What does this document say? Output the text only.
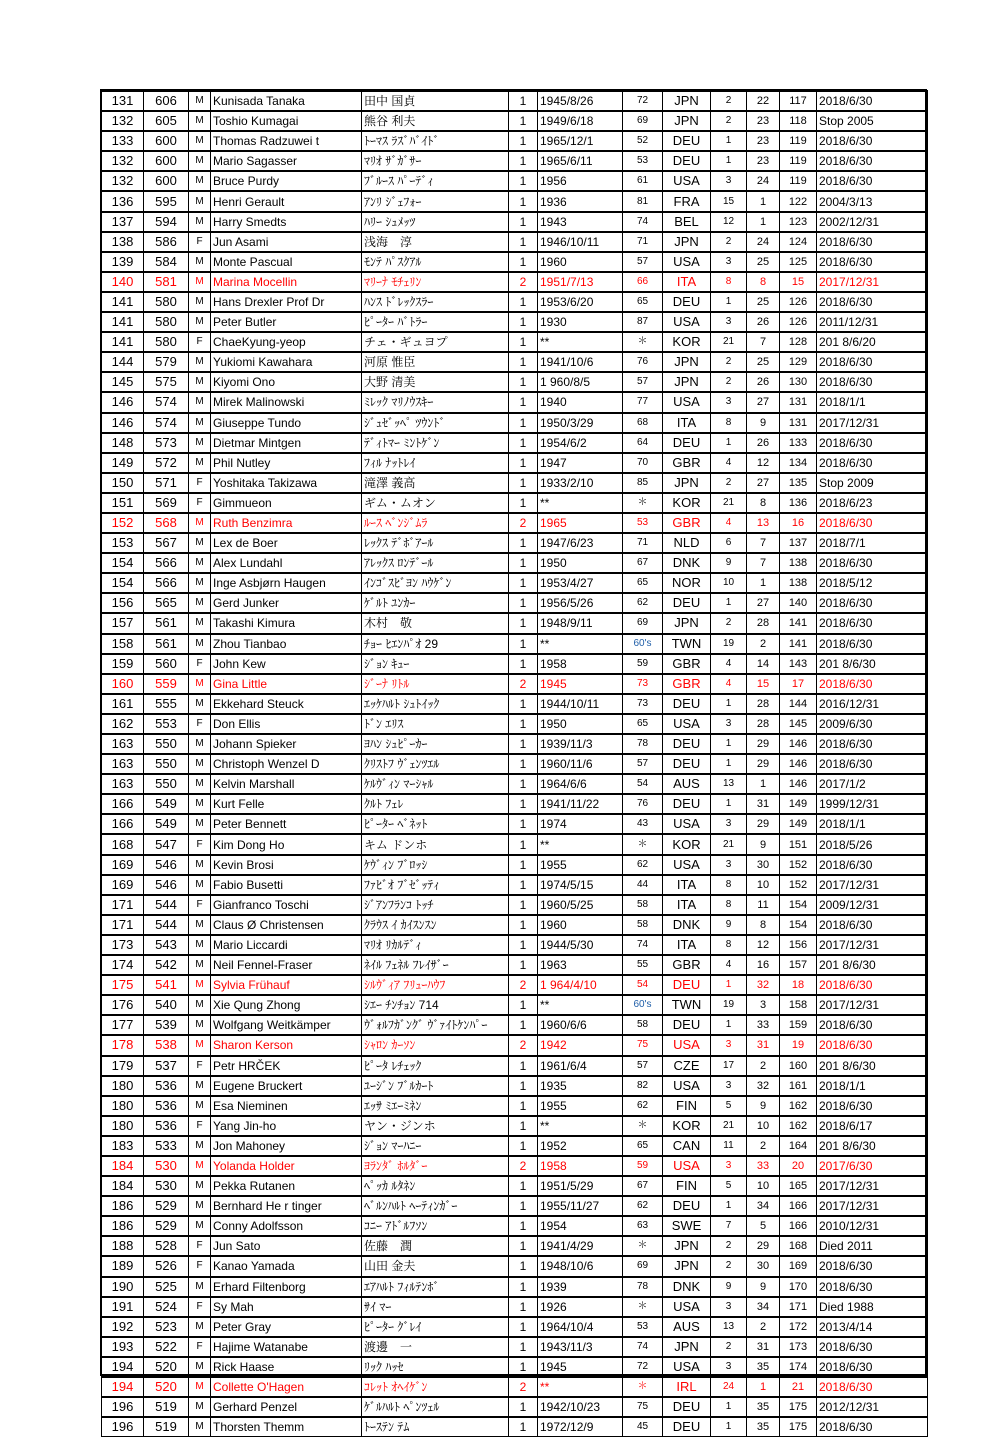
131	606	M	Kunisada Tanaka	田中 国貞	1	1945/8/26	72	JPN	2	22	117	2018/6/30
132	605	M	Toshio Kumagai	熊谷 利夫	1	1949/6/18	69	JPN	2	23	118	Stop 2005
133	600	M	Thomas Radzuwei t	ﾄｰﾏｽ ﾗｽﾞﾊﾞｲﾄﾞ	1	1965/12/1	52	DEU	1	23	119	2018/6/30
132	600	M	Mario Sagasser	ﾏﾘｵ ｻﾞｶﾞｻｰ	1	1965/6/11	53	DEU	1	23	119	2018/6/30
132	600	M	Bruce Purdy	ﾌﾞﾙｰｽ ﾊﾟｰﾃﾞｨ	1	1956	61	USA	3	24	119	2018/6/30
136	595	M	Henri Gerault	ｱﾝﾘ ｼﾞｪﾌｫｰ	1	1936	81	FRA	15	1	122	2004/3/13
137	594	M	Harry Smedts	ﾊﾘｰ ｼｭﾒｯﾂ	1	1943	74	BEL	12	1	123	2002/12/31
138	586	F	Jun Asami	浅海　淳	1	1946/10/11	71	JPN	2	24	124	2018/6/30
139	584	M	Monte Pascual	ﾓﾝﾃ ﾊﾟｽｸｱﾙ	1	1960	57	USA	3	25	125	2018/6/30
140	581	M	Marina Mocellin	ﾏﾘｰﾅ ﾓﾁｪﾘﾝ	2	1951/7/13	66	ITA	8	8	15	2017/12/31
141	580	M	Hans Drexler Prof Dr	ﾊﾝｽ ﾄﾞﾚｯｸｽﾗｰ	1	1953/6/20	65	DEU	1	25	126	2018/6/30
141	580	M	Peter Butler	ﾋﾟｰﾀｰ ﾊﾞﾄﾗｰ	1	1930	87	USA	3	26	126	2011/12/31
141	580	F	ChaeKyung-yeop	チェ・ギュヨプ	1	**	＊	KOR	21	7	128	201 8/6/20
144	579	M	Yukiomi Kawahara	河原 惟臣	1	1941/10/6	76	JPN	2	25	129	2018/6/30
145	575	M	Kiyomi Ono	大野 清美	1	1 960/8/5	57	JPN	2	26	130	2018/6/30
146	574	M	Mirek Malinowski	ﾐﾚｯｸ ﾏﾘﾉｳｽｷｰ	1	1940	77	USA	3	27	131	2018/1/1
146	574	M	Giuseppe Tundo	ｼﾞｭｾﾞｯﾍﾟ ﾂｳﾝﾄﾞ	1	1950/3/29	68	ITA	8	9	131	2017/12/31
148	573	M	Dietmar Mintgen	ﾃﾞｨﾄﾏｰ ﾐﾝﾄｹﾞﾝ	1	1954/6/2	64	DEU	1	26	133	2018/6/30
149	572	M	Phil Nutley	ﾌｨﾙ ﾅｯﾄﾚｲ	1	1947	70	GBR	4	12	134	2018/6/30
150	571	F	Yoshitaka Takizawa	滝澤 義高	1	1933/2/10	85	JPN	2	27	135	Stop 2009
151	569	F	Gimmueon	ギム・ムオン	1	**	＊	KOR	21	8	136	2018/6/23
152	568	M	Ruth Benzimra	ﾙｰｽ ﾍﾞﾝｼﾞﾑﾗ	2	1965	53	GBR	4	13	16	2018/6/30
153	567	M	Lex de Boer	ﾚｯｸｽ ﾃﾞﾎﾞｱｰﾙ	1	1947/6/23	71	NLD	6	7	137	2018/7/1
154	566	M	Alex Lundahl	ｱﾚｯｸｽ ﾛﾝﾃﾞｰﾙ	1	1950	67	DNK	9	7	138	2018/6/30
154	566	M	Inge Asbjørn Haugen	ｲﾝｺﾞｽﾋﾞﾖﾝ ﾊｳｹﾞﾝ	1	1953/4/27	65	NOR	10	1	138	2018/5/12
156	565	M	Gerd Junker	ｹﾞﾙﾄ ﾕﾝｶｰ	1	1956/5/26	62	DEU	1	27	140	2018/6/30
157	561	M	Takashi Kimura	木村　敬	1	1948/9/11	69	JPN	2	28	141	2018/6/30
158	561	M	Zhou Tianbao	ﾁｮｰ ﾋｴﾝﾊﾟｵ 29	1	**	60's	TWN	19	2	141	2018/6/30
159	560	F	John Kew	ｼﾞｮﾝ ｷｭｰ	1	1958	59	GBR	4	14	143	201 8/6/30
160	559	M	Gina Little	ｼﾞｰﾅ ﾘﾄﾙ	2	1945	73	GBR	4	15	17	2018/6/30
161	555	M	Ekkehard Steuck	ｴｯｹﾊﾙﾄ ｼｭﾄｲｯｸ	1	1944/10/11	73	DEU	1	28	144	2016/12/31
162	553	F	Don Ellis	ﾄﾞﾝ ｴﾘｽ	1	1950	65	USA	3	28	145	2009/6/30
163	550	M	Johann Spieker	ﾖﾊﾝ ｼｭﾋﾟｰｶｰ	1	1939/11/3	78	DEU	1	29	146	2018/6/30
163	550	M	Christoph Wenzel D	ｸﾘｽﾄﾌ ｳﾞｪﾝﾂｴﾙ	1	1960/11/6	57	DEU	1	29	146	2018/6/30
163	550	M	Kelvin Marshall	ｹﾙｳﾞｨﾝ ﾏｰｼｬﾙ	1	1964/6/6	54	AUS	13	1	146	2017/1/2
166	549	M	Kurt Felle	ｸﾙﾄ ﾌｪﾚ	1	1941/11/22	76	DEU	1	31	149	1999/12/31
166	549	M	Peter Bennett	ﾋﾟｰﾀｰ ﾍﾞﾈｯﾄ	1	1974	43	USA	3	29	149	2018/1/1
168	547	F	Kim Dong Ho	キム ドンホ	1	**	＊	KOR	21	9	151	2018/5/26
169	546	M	Kevin Brosi	ｹｳﾞｨﾝ ﾌﾞﾛｯｼ	1	1955	62	USA	3	30	152	2018/6/30
169	546	M	Fabio Busetti	ﾌｧﾋﾞｵ ﾌﾞｾﾞｯﾃｨ	1	1974/5/15	44	ITA	8	10	152	2017/12/31
171	544	F	Gianfranco Toschi	ｼﾞｱﾝﾌﾗﾝｺ ﾄｯﾁ	1	1960/5/25	58	ITA	8	11	154	2009/12/31
171	544	M	Claus Ø Christensen	ｸﾗｳｽ ｲ ｶｲｽﾝｽﾝ	1	1960	58	DNK	9	8	154	2018/6/30
173	543	M	Mario Liccardi	ﾏﾘｵ ﾘｶﾙﾃﾞｨ	1	1944/5/30	74	ITA	8	12	156	2017/12/31
174	542	M	Neil Fennel-Fraser	ﾈｲﾙ ﾌｪﾈﾙ ﾌﾚｲｻﾞｰ	1	1963	55	GBR	4	16	157	201 8/6/30
175	541	M	Sylvia Frühauf	ｼﾙｳﾞｨｱ ﾌﾘｭｰﾊｳﾌ	2	1 964/4/10	54	DEU	1	32	18	2018/6/30
176	540	M	Xie Qung Zhong	ｼｴｰ ﾁﾝﾁｮﾝ 714	1	**	60's	TWN	19	3	158	2017/12/31
177	539	M	Wolfgang Weitkämper	ｳﾞｫﾙﾌｶﾞﾝｸﾞ ｳﾞｧｲﾄｹﾝﾊﾟｰ	1	1960/6/6	58	DEU	1	33	159	2018/6/30
178	538	M	Sharon Kerson	ｼｬﾛﾝ ｶｰｿﾝ	2	1942	75	USA	3	31	19	2018/6/30
179	537	F	Petr HRČEK	ﾋﾟｰﾀ ﾚﾁｪｯｸ	1	1961/6/4	57	CZE	17	2	160	201 8/6/30
180	536	M	Eugene Bruckert	ﾕｰｼﾞﾝ ﾌﾞﾙｶｰﾄ	1	1935	82	USA	3	32	161	2018/1/1
180	536	M	Esa Nieminen	ｴｯｻ ﾐｴｰﾐﾈﾝ	1	1955	62	FIN	5	9	162	2018/6/30
180	536	F	Yang Jin-ho	ヤン・ジンホ	1	**	＊	KOR	21	10	162	2018/6/17
183	533	M	Jon Mahoney	ｼﾞｮﾝ ﾏｰﾊﾆｰ	1	1952	65	CAN	11	2	164	201 8/6/30
184	530	M	Yolanda Holder	ﾖﾗﾝﾀﾞ ﾎﾙﾀﾞｰ	2	1958	59	USA	3	33	20	2017/6/30
184	530	M	Pekka Rutanen	ﾍﾟｯｶ ﾙﾀﾈﾝ	1	1951/5/29	67	FIN	5	10	165	2017/12/31
186	529	M	Bernhard He r tinger	ﾍﾞﾙﾝﾊﾙﾄ ﾍｰﾃｨﾝｶﾞｰ	1	1955/11/27	62	DEU	1	34	166	2017/12/31
186	529	M	Conny Adolfsson	ｺﾆｰ ｱﾄﾞﾙﾌｿﾝ	1	1954	63	SWE	7	5	166	2010/12/31
188	528	F	Jun Sato	佐藤　潤	1	1941/4/29	＊	JPN	2	29	168	Died 2011
189	526	F	Kanao Yamada	山田 金夫	1	1948/10/6	69	JPN	2	30	169	2018/6/30
190	525	M	Erhard Filtenborg	ｴｱﾊﾙﾄ ﾌｨﾙﾃﾝﾎﾞ	1	1939	78	DNK	9	9	170	2018/6/30
191	524	F	Sy Mah	ｻｲ ﾏｰ	1	1926	＊	USA	3	34	171	Died 1988
192	523	M	Peter Gray	ﾋﾟｰﾀｰ ｸﾞﾚｲ	1	1964/10/4	53	AUS	13	2	172	2013/4/14
193	522	F	Hajime Watanabe	渡邊　一	1	1943/11/3	74	JPN	2	31	173	2018/6/30
194	520	M	Rick Haase	ﾘｯｸ ﾊｯｾ	1	1945	72	USA	3	35	174	2018/6/30
194	520	M	Collette O'Hagen	ｺﾚｯﾄ ｵﾍｲｹﾞﾝ	2	**	＊	IRL	24	1	21	2018/6/30
196	519	M	Gerhard Penzel	ｹﾞﾙﾊﾙﾄ ﾍﾟﾝﾂｪﾙ	1	1942/10/23	75	DEU	1	35	175	2012/12/31
196	519	M	Thorsten Themm	ﾄｰｽﾃﾝ ﾃﾑ	1	1972/12/9	45	DEU	1	35	175	2018/6/30
